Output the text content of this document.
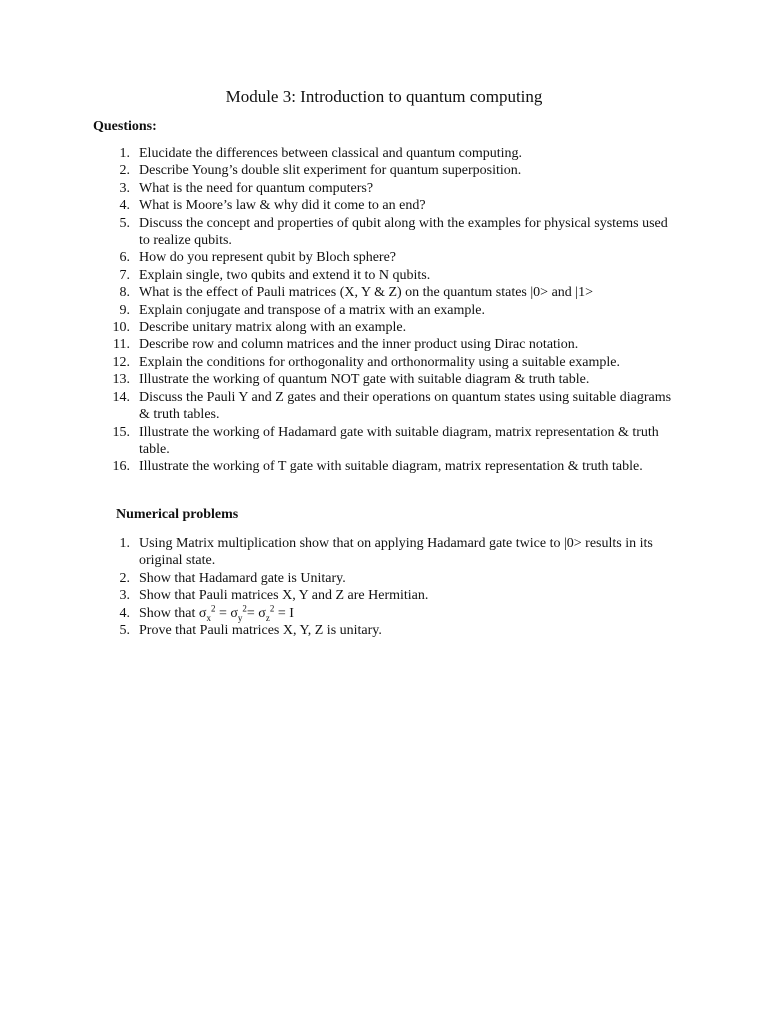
Module 3: Introduction to quantum computing
Questions:
1. Elucidate the differences between classical and quantum computing.
2. Describe Young’s double slit experiment for quantum superposition.
3. What is the need for quantum computers?
4. What is Moore’s law & why did it come to an end?
5. Discuss the concept and properties of qubit along with the examples for physical systems used to realize qubits.
6. How do you represent qubit by Bloch sphere?
7. Explain single, two qubits and extend it to N qubits.
8. What is the effect of Pauli matrices (X, Y & Z) on the quantum states |0> and |1>
9. Explain conjugate and transpose of a matrix with an example.
10. Describe unitary matrix along with an example.
11. Describe row and column matrices and the inner product using Dirac notation.
12. Explain the conditions for orthogonality and orthonormality using a suitable example.
13. Illustrate the working of quantum NOT gate with suitable diagram & truth table.
14. Discuss the Pauli Y and Z gates and their operations on quantum states using suitable diagrams & truth tables.
15. Illustrate the working of Hadamard gate with suitable diagram, matrix representation & truth table.
16. Illustrate the working of T gate with suitable diagram, matrix representation & truth table.
Numerical problems
1. Using Matrix multiplication show that on applying Hadamard gate twice to |0> results in its original state.
2. Show that Hadamard gate is Unitary.
3. Show that Pauli matrices X, Y and Z are Hermitian.
4. Show that $\sigma_x^2 = \sigma_y^2= \sigma_z^2 = I$
5. Prove that Pauli matrices X, Y, Z is unitary.
